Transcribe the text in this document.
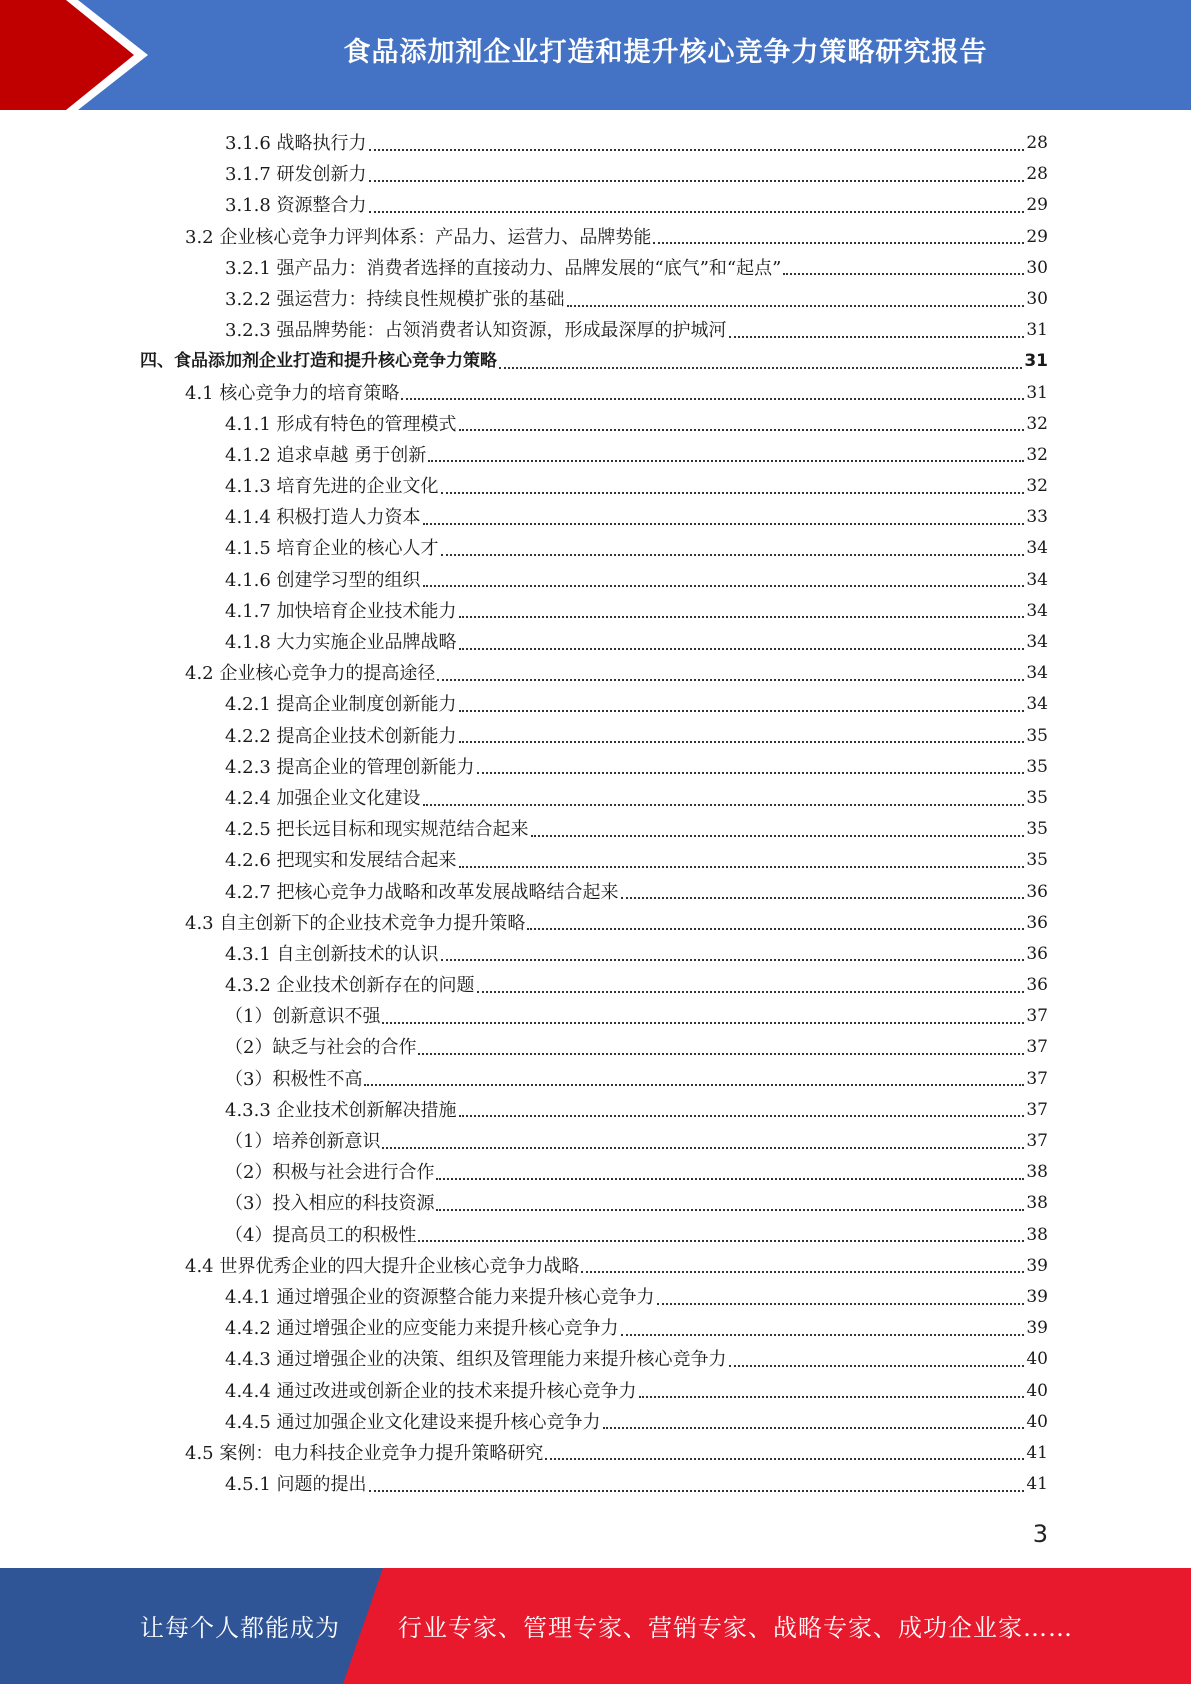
食品添加剂企业打造和提升核心竞争力策略研究报告
3.1.6 战略执行力	28
3.1.7 研发创新力	28
3.1.8 资源整合力	29
3.2 企业核心竞争力评判体系：产品力、运营力、品牌势能	29
3.2.1 强产品力：消费者选择的直接动力、品牌发展的“底气”和“起点”	30
3.2.2 强运营力：持续良性规模扩张的基础	30
3.2.3 强品牌势能：占领消费者认知资源，形成最深厚的护城河	31
四、食品添加剂企业打造和提升核心竞争力策略	31
4.1 核心竞争力的培育策略	31
4.1.1 形成有特色的管理模式	32
4.1.2 追求卓越 勇于创新	32
4.1.3 培育先进的企业文化	32
4.1.4 积极打造人力资本	33
4.1.5 培育企业的核心人才	34
4.1.6 创建学习型的组织	34
4.1.7 加快培育企业技术能力	34
4.1.8 大力实施企业品牌战略	34
4.2 企业核心竞争力的提高途径	34
4.2.1 提高企业制度创新能力	34
4.2.2 提高企业技术创新能力	35
4.2.3 提高企业的管理创新能力	35
4.2.4 加强企业文化建设	35
4.2.5 把长远目标和现实规范结合起来	35
4.2.6 把现实和发展结合起来	35
4.2.7 把核心竞争力战略和改革发展战略结合起来	36
4.3 自主创新下的企业技术竞争力提升策略	36
4.3.1 自主创新技术的认识	36
4.3.2 企业技术创新存在的问题	36
（1）创新意识不强	37
（2）缺乏与社会的合作	37
（3）积极性不高	37
4.3.3 企业技术创新解决措施	37
（1）培养创新意识	37
（2）积极与社会进行合作	38
（3）投入相应的科技资源	38
（4）提高员工的积极性	38
4.4 世界优秀企业的四大提升企业核心竞争力战略	39
4.4.1 通过增强企业的资源整合能力来提升核心竞争力	39
4.4.2 通过增强企业的应变能力来提升核心竞争力	39
4.4.3 通过增强企业的决策、组织及管理能力来提升核心竞争力	40
4.4.4 通过改进或创新企业的技术来提升核心竞争力	40
4.4.5 通过加强企业文化建设来提升核心竞争力	40
4.5 案例：电力科技企业竞争力提升策略研究	41
4.5.1 问题的提出	41
3
让每个人都能成为 行业专家、管理专家、营销专家、战略专家、成功企业家……
